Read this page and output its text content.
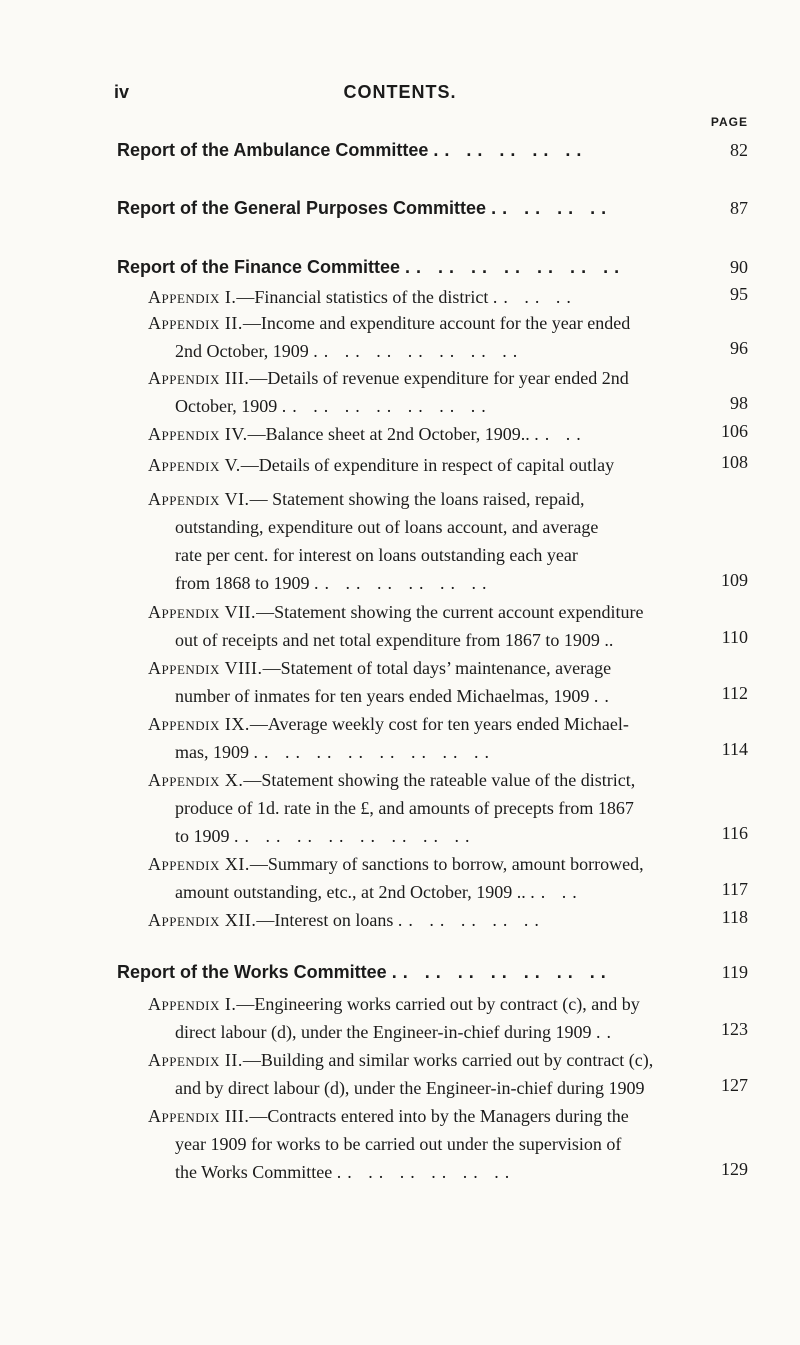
iv	CONTENTS.
PAGE
Report of the Ambulance Committee .. .. .. .. ..	82
Report of the General Purposes Committee .. .. .. ..	87
Report of the Finance Committee .. .. .. .. .. .. ..	90
Appendix I.—Financial statistics of the district .. .. ..	95
Appendix II.—Income and expenditure account for the year ended
2nd October, 1909 .. .. .. .. .. .. ..	96
Appendix III.—Details of revenue expenditure for year ended 2nd
October, 1909 .. .. .. .. .. .. ..	98
Appendix IV.—Balance sheet at 2nd October, 1909.. .. ..	106
Appendix V.—Details of expenditure in respect of capital outlay	108
Appendix VI.— Statement showing the loans raised, repaid,
outstanding, expenditure out of loans account, and average
rate per cent. for interest on loans outstanding each year
from 1868 to 1909 .. .. .. .. .. ..	109
Appendix VII.—Statement showing the current account expenditure
out of receipts and net total expenditure from 1867 to 1909 ..	110
Appendix VIII.—Statement of total days’ maintenance, average
number of inmates for ten years ended Michaelmas, 1909 ..	112
Appendix IX.—Average weekly cost for ten years ended Michael-
mas, 1909 .. .. .. .. .. .. .. ..	114
Appendix X.—Statement showing the rateable value of the district,
produce of 1d. rate in the £, and amounts of precepts from 1867
to 1909 .. .. .. .. .. .. .. ..	116
Appendix XI.—Summary of sanctions to borrow, amount borrowed,
amount outstanding, etc., at 2nd October, 1909 .. .. ..	117
Appendix XII.—Interest on loans .. .. .. .. ..	118
Report of the Works Committee .. .. .. .. .. .. ..	119
Appendix I.—Engineering works carried out by contract (c), and by
direct labour (d), under the Engineer-in-chief during 1909 ..	123
Appendix II.—Building and similar works carried out by contract (c),
and by direct labour (d), under the Engineer-in-chief during 1909	127
Appendix III.—Contracts entered into by the Managers during the
year 1909 for works to be carried out under the supervision of
the Works Committee .. .. .. .. .. ..	129
